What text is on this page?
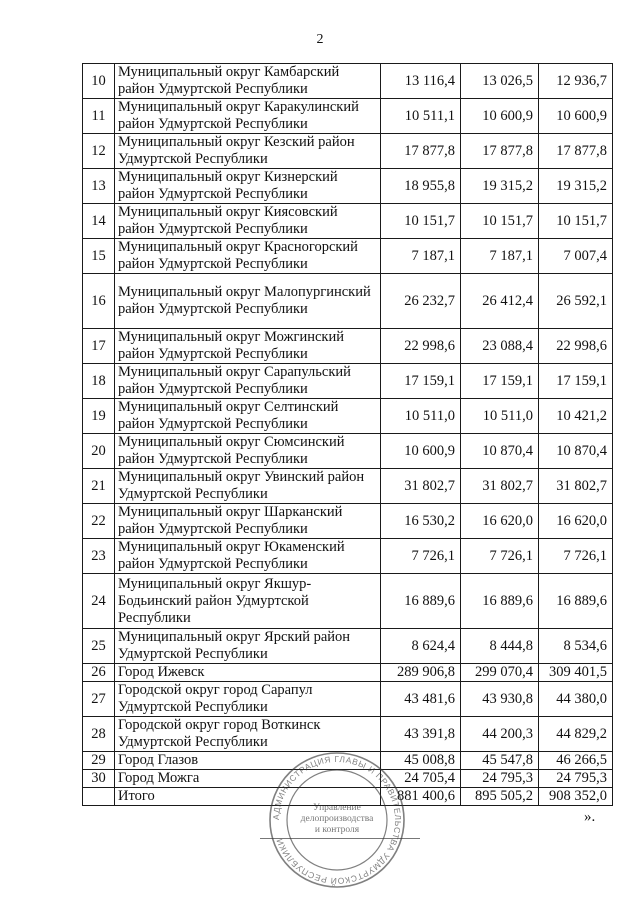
2
10	Муниципальный округ Камбарский район Удмуртской Республики	13 116,4	13 026,5	12 936,7
11	Муниципальный округ Каракулинский район Удмуртской Республики	10 511,1	10 600,9	10 600,9
12	Муниципальный округ Кезский район Удмуртской Республики	17 877,8	17 877,8	17 877,8
13	Муниципальный округ Кизнерский район Удмуртской Республики	18 955,8	19 315,2	19 315,2
14	Муниципальный округ Киясовский район Удмуртской Республики	10 151,7	10 151,7	10 151,7
15	Муниципальный округ Красногорский район Удмуртской Республики	7 187,1	7 187,1	7 007,4
16	Муниципальный округ Малопургинский район Удмуртской Республики	26 232,7	26 412,4	26 592,1
17	Муниципальный округ Можгинский район Удмуртской Республики	22 998,6	23 088,4	22 998,6
18	Муниципальный округ Сарапульский район Удмуртской Республики	17 159,1	17 159,1	17 159,1
19	Муниципальный округ Селтинский район Удмуртской Республики	10 511,0	10 511,0	10 421,2
20	Муниципальный округ Сюмсинский район Удмуртской Республики	10 600,9	10 870,4	10 870,4
21	Муниципальный округ Увинский район Удмуртской Республики	31 802,7	31 802,7	31 802,7
22	Муниципальный округ Шарканский район Удмуртской Республики	16 530,2	16 620,0	16 620,0
23	Муниципальный округ Юкаменский район Удмуртской Республики	7 726,1	7 726,1	7 726,1
24	Муниципальный округ Якшур-Бодьинский район Удмуртской Республики	16 889,6	16 889,6	16 889,6
25	Муниципальный округ Ярский район Удмуртской Республики	8 624,4	8 444,8	8 534,6
26	Город Ижевск	289 906,8	299 070,4	309 401,5
27	Городской округ город Сарапул Удмуртской Республики	43 481,6	43 930,8	44 380,0
28	Городской округ город Воткинск Удмуртской Республики	43 391,8	44 200,3	44 829,2
29	Город Глазов	45 008,8	45 547,8	46 266,5
30	Город Можга	24 705,4	24 795,3	24 795,3
	Итого	881 400,6	895 505,2	908 352,0
АДМИНИСТРАЦИЯ ГЛАВЫ И ПРАВИТЕЛЬСТВА УДМУРТСКОЙ РЕСПУБЛИКИ
Управление
делопроизводства
и контроля
».
